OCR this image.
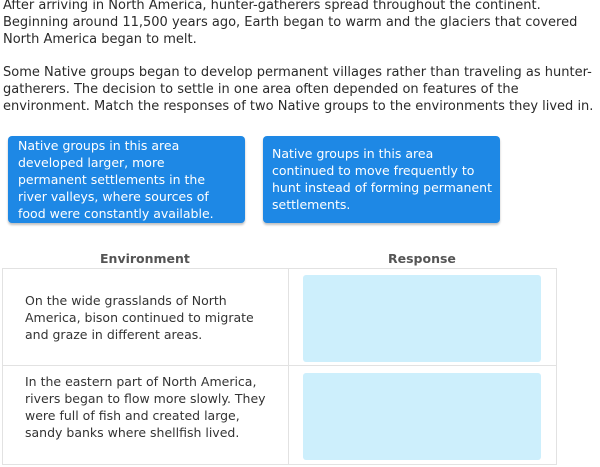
After arriving in North America, hunter-gatherers spread throughout the continent. Beginning around 11,500 years ago, Earth began to warm and the glaciers that covered North America began to melt.

Some Native groups began to develop permanent villages rather than traveling as hunter-gatherers. The decision to settle in one area often depended on features of the environment. Match the responses of two Native groups to the environments they lived in.

Native groups in this area developed larger, more permanent settlements in the river valleys, where sources of food were constantly available.
Native groups in this area continued to move frequently to hunt instead of forming permanent settlements.
Environment	Response
On the wide grasslands of North America, bison continued to migrate and graze in different areas.
In the eastern part of North America, rivers began to flow more slowly. They were full of fish and created large, sandy banks where shellfish lived.
